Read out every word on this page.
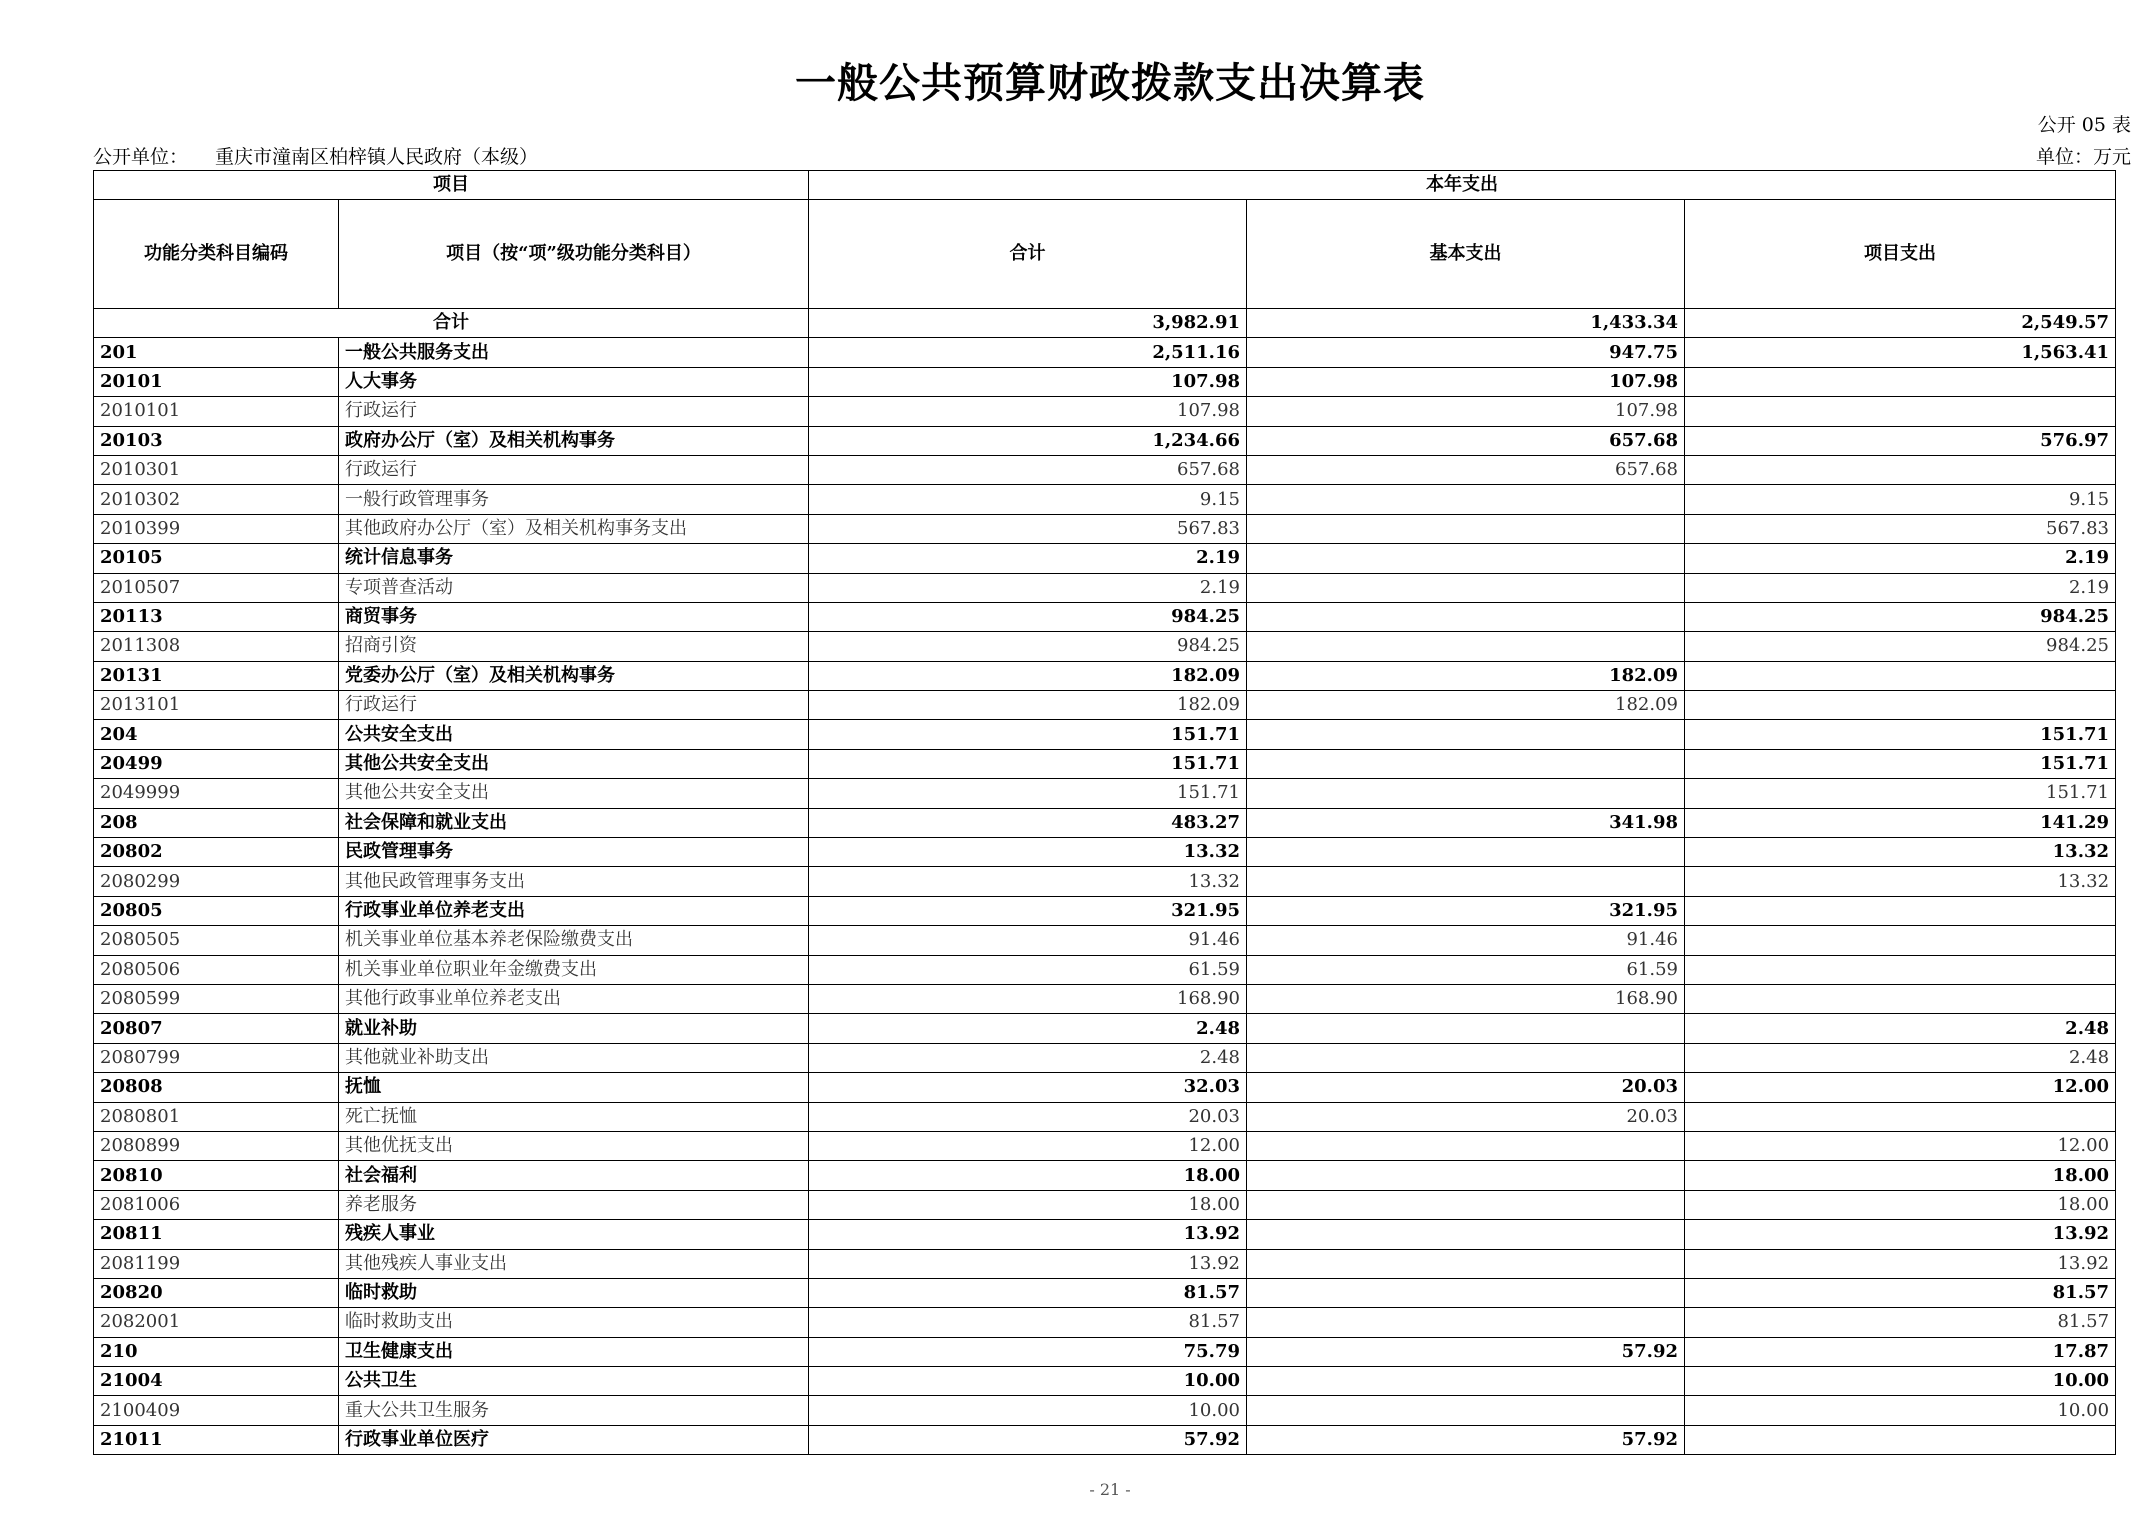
一般公共预算财政拨款支出决算表
公开 05 表
公开单位： 重庆市潼南区柏梓镇人民政府（本级）	单位：万元
项目		本年支出		
功能分类科目编码	项目（按“项”级功能分类科目）	合计	基本支出	项目支出
合计		3,982.91	1,433.34	2,549.57
201	一般公共服务支出	2,511.16	947.75	1,563.41
20101	人大事务	107.98	107.98	
2010101	行政运行	107.98	107.98	
20103	政府办公厅（室）及相关机构事务	1,234.66	657.68	576.97
2010301	行政运行	657.68	657.68	
2010302	一般行政管理事务	9.15		9.15
2010399	其他政府办公厅（室）及相关机构事务支出	567.83		567.83
20105	统计信息事务	2.19		2.19
2010507	专项普查活动	2.19		2.19
20113	商贸事务	984.25		984.25
2011308	招商引资	984.25		984.25
20131	党委办公厅（室）及相关机构事务	182.09	182.09	
2013101	行政运行	182.09	182.09	
204	公共安全支出	151.71		151.71
20499	其他公共安全支出	151.71		151.71
2049999	其他公共安全支出	151.71		151.71
208	社会保障和就业支出	483.27	341.98	141.29
20802	民政管理事务	13.32		13.32
2080299	其他民政管理事务支出	13.32		13.32
20805	行政事业单位养老支出	321.95	321.95	
2080505	机关事业单位基本养老保险缴费支出	91.46	91.46	
2080506	机关事业单位职业年金缴费支出	61.59	61.59	
2080599	其他行政事业单位养老支出	168.90	168.90	
20807	就业补助	2.48		2.48
2080799	其他就业补助支出	2.48		2.48
20808	抚恤	32.03	20.03	12.00
2080801	死亡抚恤	20.03	20.03	
2080899	其他优抚支出	12.00		12.00
20810	社会福利	18.00		18.00
2081006	养老服务	18.00		18.00
20811	残疾人事业	13.92		13.92
2081199	其他残疾人事业支出	13.92		13.92
20820	临时救助	81.57		81.57
2082001	临时救助支出	81.57		81.57
210	卫生健康支出	75.79	57.92	17.87
21004	公共卫生	10.00		10.00
2100409	重大公共卫生服务	10.00		10.00
21011	行政事业单位医疗	57.92	57.92	
- 21 -
